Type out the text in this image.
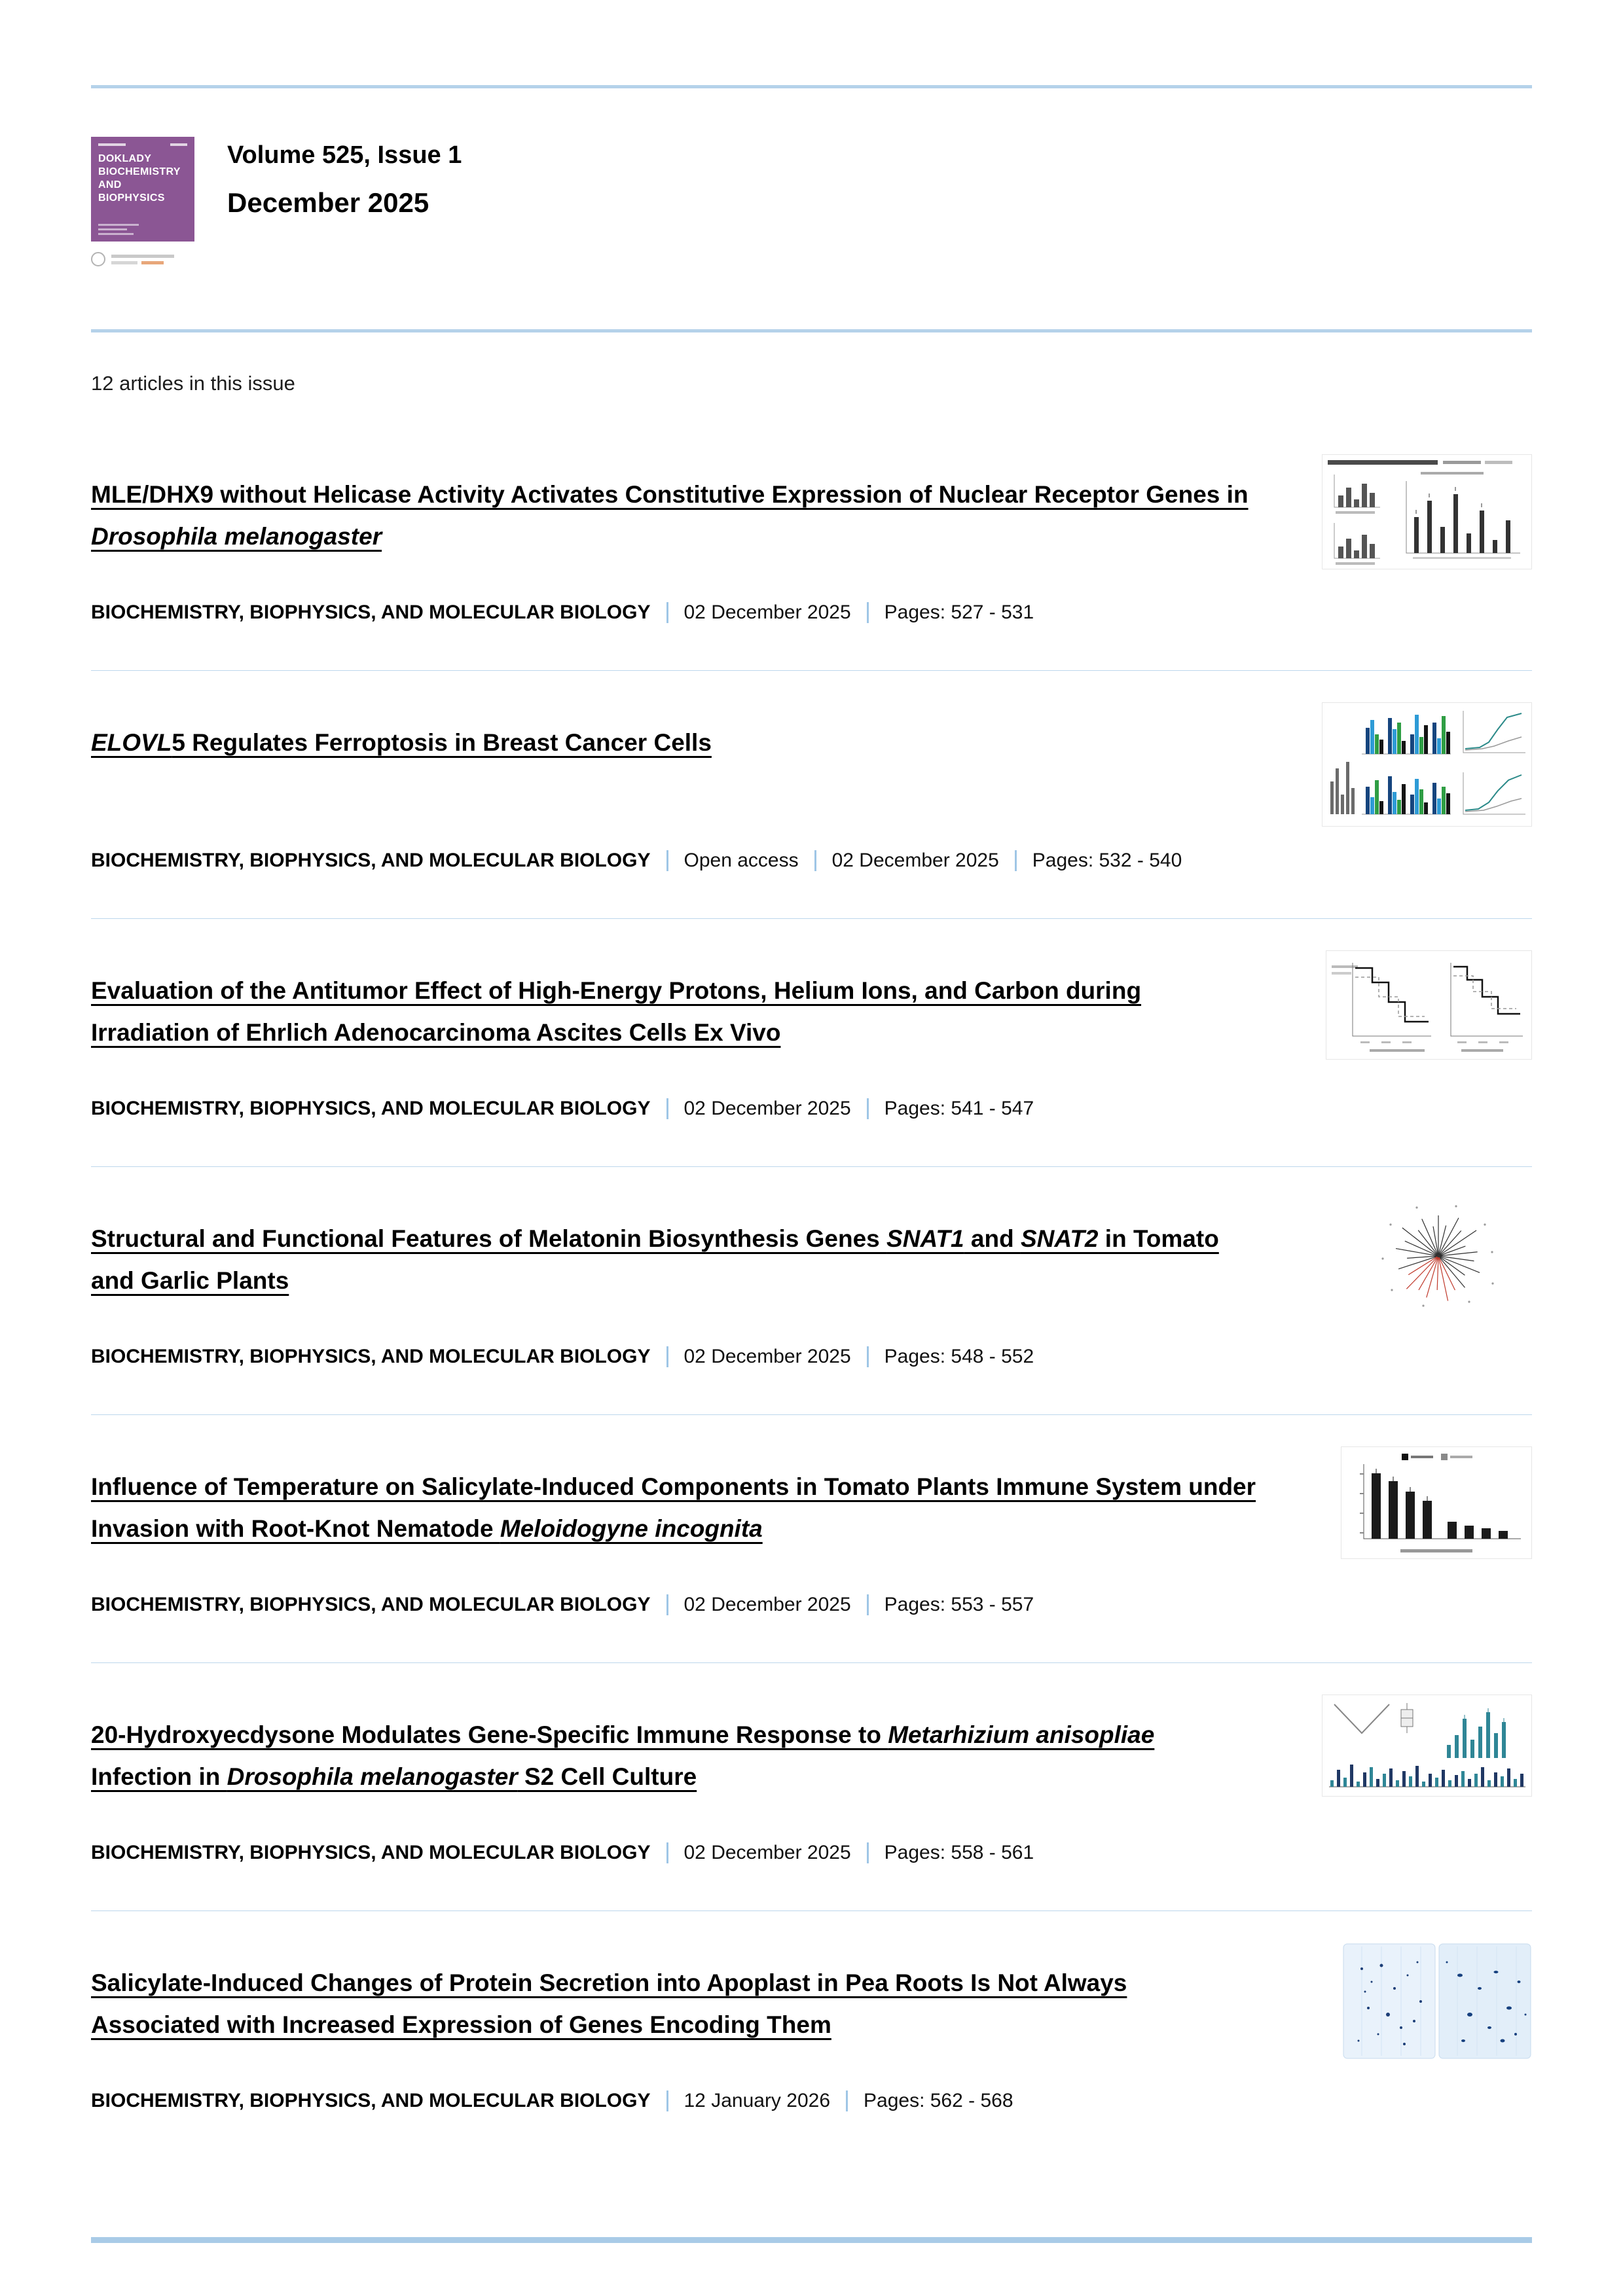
DOKLADY BIOCHEMISTRY AND BIOPHYSICS
Volume 525, Issue 1
December 2025
12 articles in this issue
MLE/DHX9 without Helicase Activity Activates Constitutive Expression of Nuclear Receptor Genes in Drosophila melanogaster
BIOCHEMISTRY, BIOPHYSICS, AND MOLECULAR BIOLOGY 02 December 2025 Pages: 527 - 531
ELOVL5 Regulates Ferroptosis in Breast Cancer Cells
BIOCHEMISTRY, BIOPHYSICS, AND MOLECULAR BIOLOGY Open access 02 December 2025 Pages: 532 - 540
Evaluation of the Antitumor Effect of High-Energy Protons, Helium Ions, and Carbon during Irradiation of Ehrlich Adenocarcinoma Ascites Cells Ex Vivo
BIOCHEMISTRY, BIOPHYSICS, AND MOLECULAR BIOLOGY 02 December 2025 Pages: 541 - 547
Structural and Functional Features of Melatonin Biosynthesis Genes SNAT1 and SNAT2 in Tomato and Garlic Plants
BIOCHEMISTRY, BIOPHYSICS, AND MOLECULAR BIOLOGY 02 December 2025 Pages: 548 - 552
Influence of Temperature on Salicylate-Induced Components in Tomato Plants Immune System under Invasion with Root-Knot Nematode Meloidogyne incognita
BIOCHEMISTRY, BIOPHYSICS, AND MOLECULAR BIOLOGY 02 December 2025 Pages: 553 - 557
20-Hydroxyecdysone Modulates Gene-Specific Immune Response to Metarhizium anisopliae Infection in Drosophila melanogaster S2 Cell Culture
BIOCHEMISTRY, BIOPHYSICS, AND MOLECULAR BIOLOGY 02 December 2025 Pages: 558 - 561
Salicylate-Induced Changes of Protein Secretion into Apoplast in Pea Roots Is Not Always Associated with Increased Expression of Genes Encoding Them
BIOCHEMISTRY, BIOPHYSICS, AND MOLECULAR BIOLOGY 12 January 2026 Pages: 562 - 568
